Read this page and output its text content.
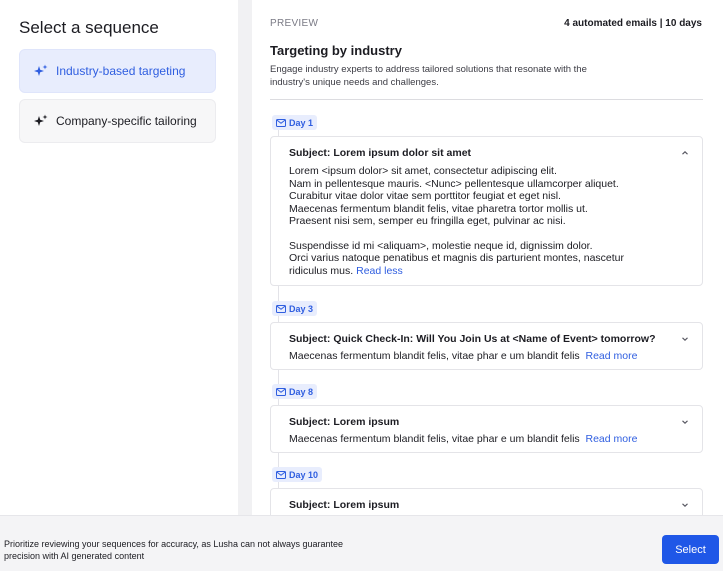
Select a sequence
Industry-based targeting
Company-specific tailoring
PREVIEW	4 automated emails | 10 days
Targeting by industry
Engage industry experts to address tailored solutions that resonate with the industry's unique needs and challenges.
Day 1
Subject: Lorem ipsum dolor sit amet

Lorem <ipsum dolor> sit amet, consectetur adipiscing elit.
Nam in pellentesque mauris. <Nunc> pellentesque ullamcorper aliquet.
Curabitur vitae dolor vitae sem porttitor feugiat et eget nisl.
Maecenas fermentum blandit felis, vitae pharetra tortor mollis ut.
Praesent nisi sem, semper eu fringilla eget, pulvinar ac nisi.

Suspendisse id mi <aliquam>, molestie neque id, dignissim dolor.
Orci varius natoque penatibus et magnis dis parturient montes, nascetur
ridiculus mus. Read less

Day 3
Subject: Quick Check-In: Will You Join Us at <Name of Event> tomorrow?
Maecenas fermentum blandit felis, vitae phar e um blandit felis Read more
Day 8
Subject: Lorem ipsum
Maecenas fermentum blandit felis, vitae phar e um blandit felis Read more
Day 10
Subject: Lorem ipsum
Prioritize reviewing your sequences for accuracy, as Lusha can not always guarantee precision with AI generated content
Select
